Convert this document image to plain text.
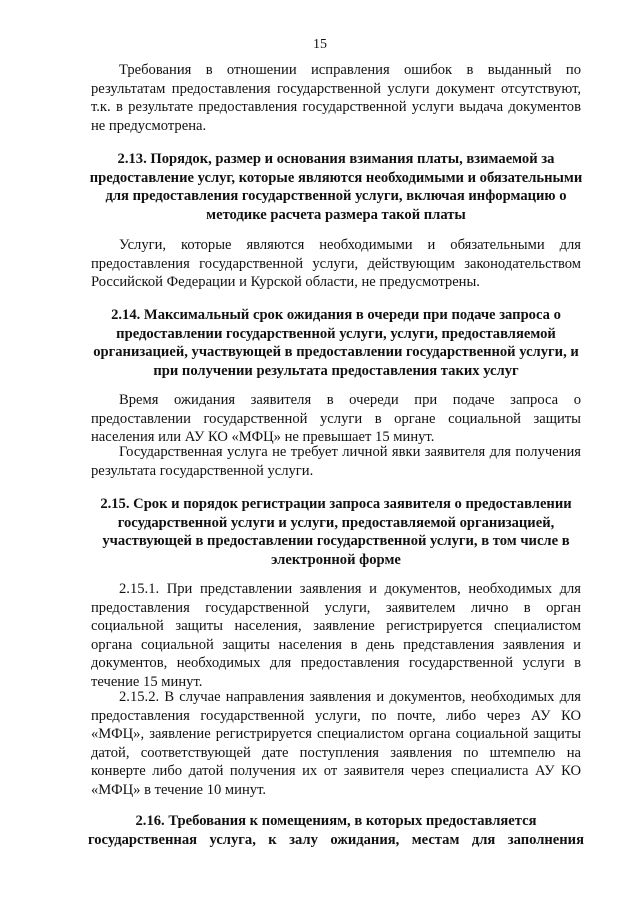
15
Требования в отношении исправления ошибок в выданный по результатам предоставления государственной услуги документ отсутствуют, т.к. в результате предоставления государственной услуги выдача документов не предусмотрена.
2.13. Порядок, размер и основания взимания платы, взимаемой за предоставление услуг, которые являются необходимыми и обязательными для предоставления государственной услуги, включая информацию о методике расчета размера такой платы
Услуги, которые являются необходимыми и обязательными для предоставления государственной услуги, действующим законодательством Российской Федерации и Курской области, не предусмотрены.
2.14. Максимальный срок ожидания в очереди при подаче запроса о предоставлении государственной услуги, услуги, предоставляемой организацией, участвующей в предоставлении государственной услуги, и при получении результата предоставления таких услуг
Время ожидания заявителя в очереди при подаче запроса о предоставлении государственной услуги в органе социальной защиты населения или АУ КО «МФЦ» не превышает 15 минут.
Государственная услуга не требует личной явки заявителя для получения результата государственной услуги.
2.15. Срок и порядок регистрации запроса заявителя о предоставлении государственной услуги и услуги, предоставляемой организацией, участвующей в предоставлении государственной услуги, в том числе в электронной форме
2.15.1. При представлении заявления и документов, необходимых для предоставления государственной услуги, заявителем лично в орган социальной защиты населения, заявление регистрируется специалистом органа социальной защиты населения в день представления заявления и документов, необходимых для предоставления государственной услуги в течение 15 минут.
2.15.2. В случае направления заявления и документов, необходимых для предоставления государственной услуги, по почте, либо через АУ КО «МФЦ», заявление регистрируется специалистом органа социальной защиты датой, соответствующей дате поступления заявления по штемпелю на конверте либо датой получения их от заявителя через специалиста АУ КО «МФЦ» в течение 10 минут.
2.16. Требования к помещениям, в которых предоставляется государственная услуга, к залу ожидания, местам для заполнения
